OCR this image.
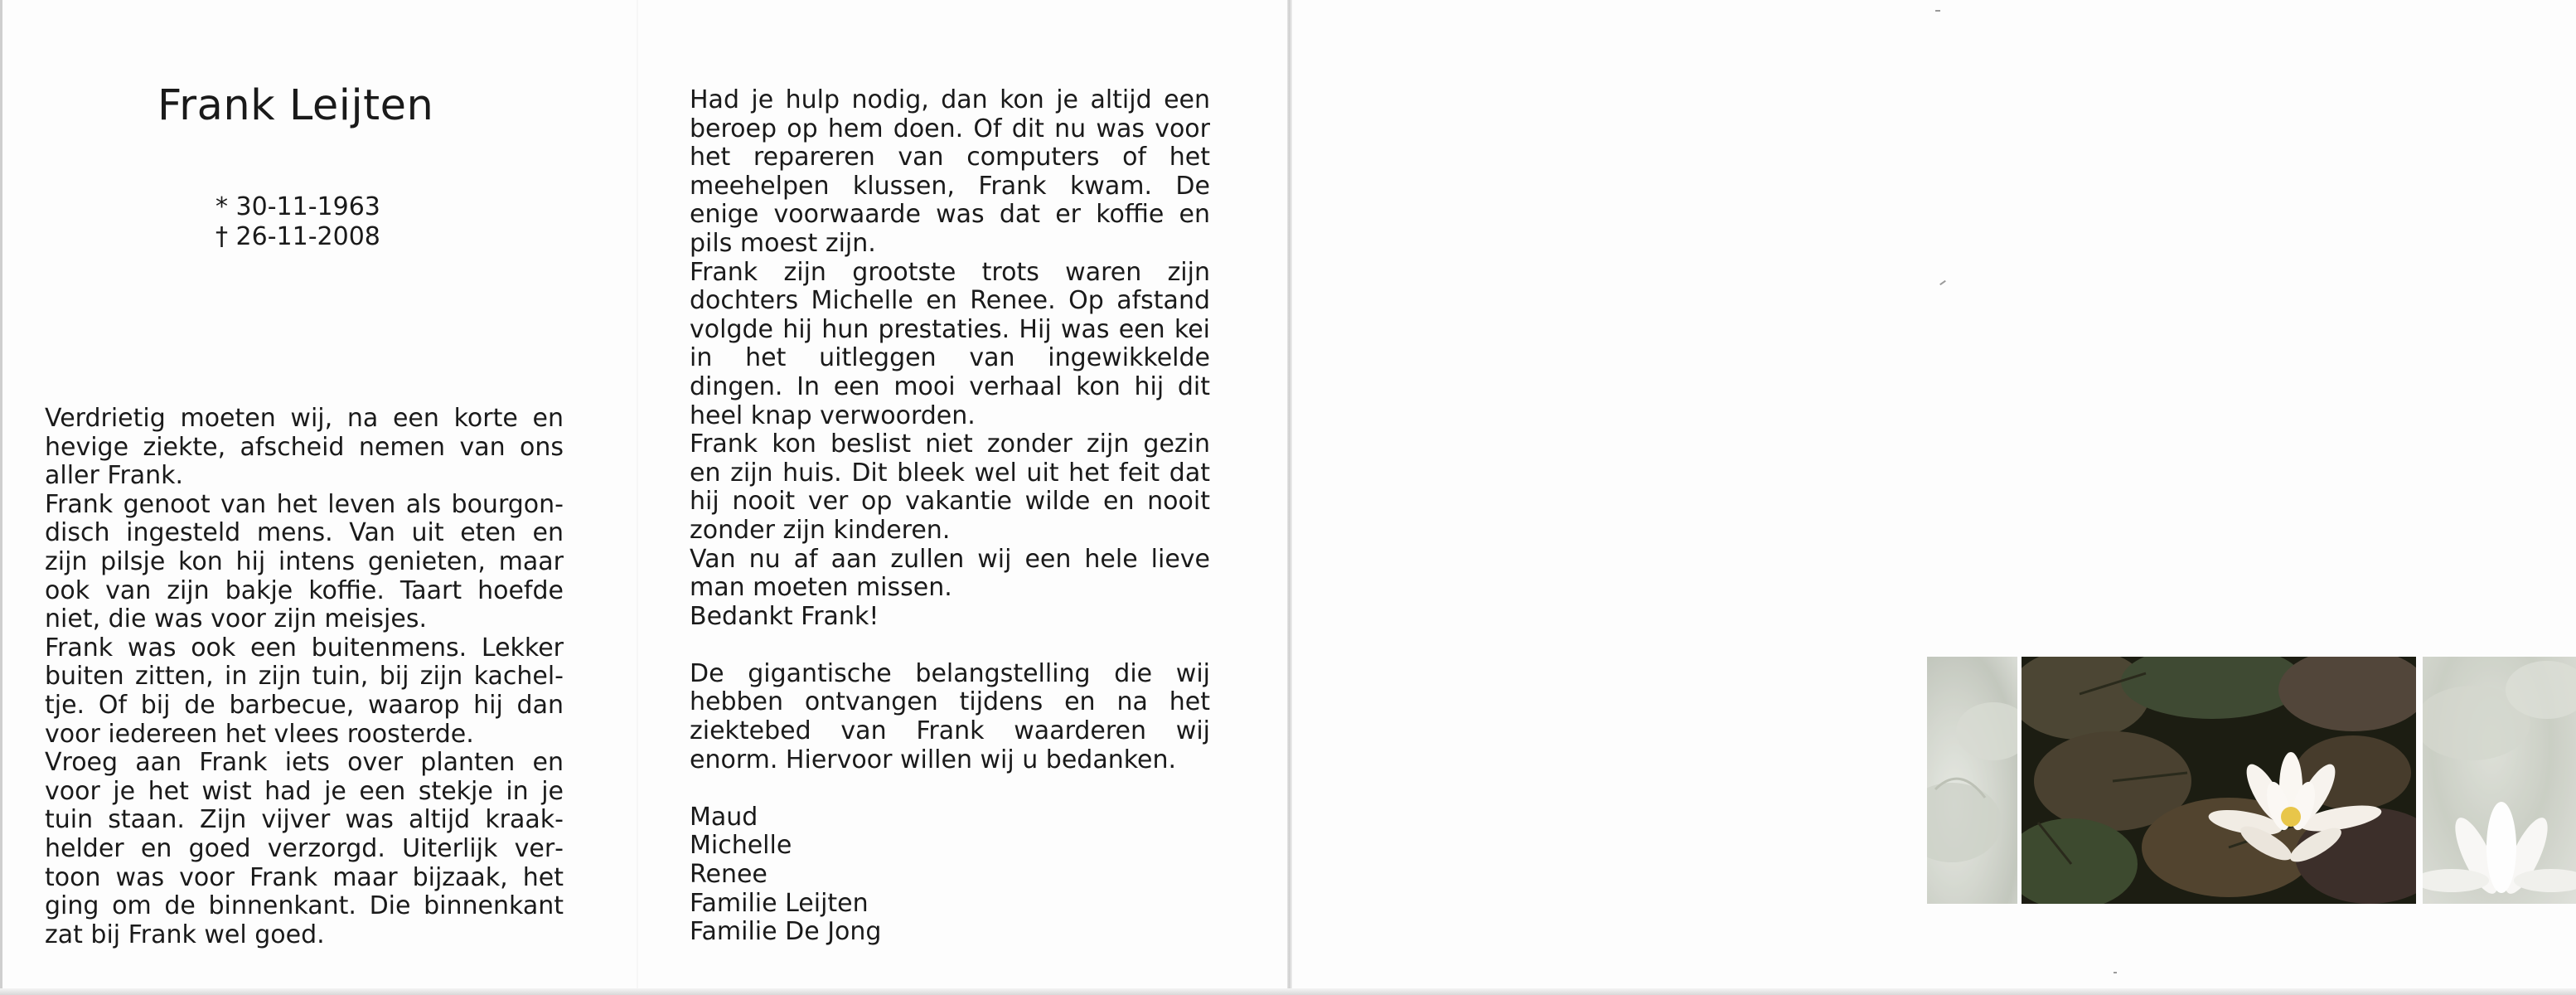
Frank Leijten
* 30-11-1963
† 26-11-2008

Verdrietig moeten wij, na een korte en hevige ziekte, afscheid nemen van ons aller Frank.

Frank genoot van het leven als bourgondisch ingesteld mens. Van uit eten en zijn pilsje kon hij intens genieten, maar ook van zijn bakje koffie. Taart hoefde niet, die was voor zijn meisjes.

Frank was ook een buitenmens. Lekker buiten zitten, in zijn tuin, bij zijn kacheltje. Of bij de barbecue, waarop hij dan voor iedereen het vlees roosterde.

Vroeg aan Frank iets over planten en voor je het wist had je een stekje in je tuin staan. Zijn vijver was altijd kraakhelder en goed verzorgd. Uiterlijk vertoon was voor Frank maar bijzaak, het ging om de binnenkant. Die binnenkant zat bij Frank wel goed.

Had je hulp nodig, dan kon je altijd een beroep op hem doen. Of dit nu was voor het repareren van computers of het meehelpen klussen, Frank kwam. De enige voorwaarde was dat er koffie en pils moest zijn.

Frank zijn grootste trots waren zijn dochters Michelle en Renee. Op afstand volgde hij hun prestaties. Hij was een kei in het uitleggen van ingewikkelde dingen. In een mooi verhaal kon hij dit heel knap verwoorden.

Frank kon beslist niet zonder zijn gezin en zijn huis. Dit bleek wel uit het feit dat hij nooit ver op vakantie wilde en nooit zonder zijn kinderen.

Van nu af aan zullen wij een hele lieve man moeten missen.

Bedankt Frank!

De gigantische belangstelling die wij hebben ontvangen tijdens en na het ziektebed van Frank waarderen wij enorm. Hiervoor willen wij u bedanken.

Maud

Michelle

Renee

Familie Leijten

Familie De Jong
